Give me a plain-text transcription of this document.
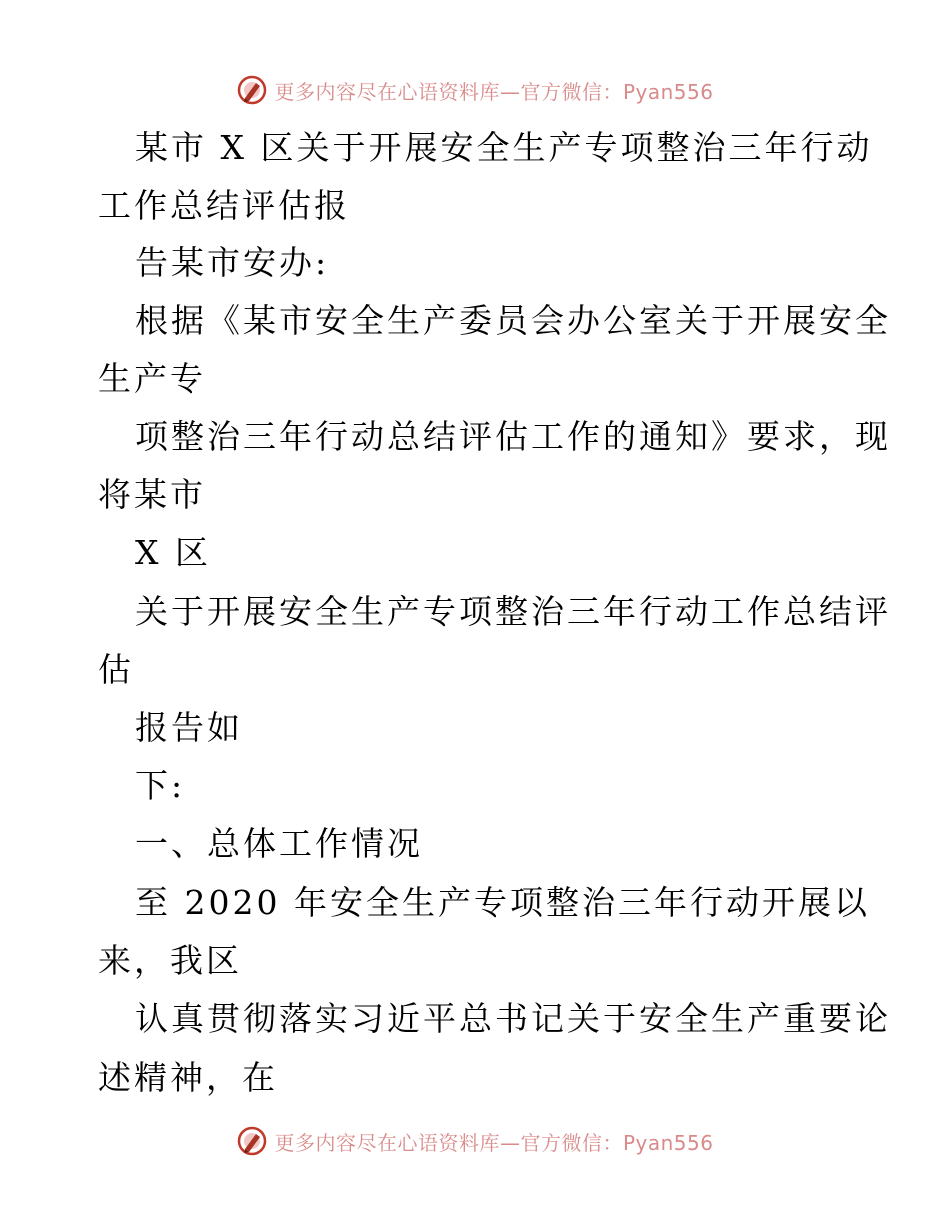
更多内容尽在心语资料库—官方微信：Pyan556
某市 X 区关于开展安全生产专项整治三年行动
工作总结评估报
告某市安办:
根据《某市安全生产委员会办公室关于开展安全
生产专
项整治三年行动总结评估工作的通知》要求，现
将某市
X 区
关于开展安全生产专项整治三年行动工作总结评
估
报告如
下:
一、总体工作情况
至 2020 年安全生产专项整治三年行动开展以
来，我区
认真贯彻落实习近平总书记关于安全生产重要论
述精神，在
更多内容尽在心语资料库—官方微信：Pyan556
